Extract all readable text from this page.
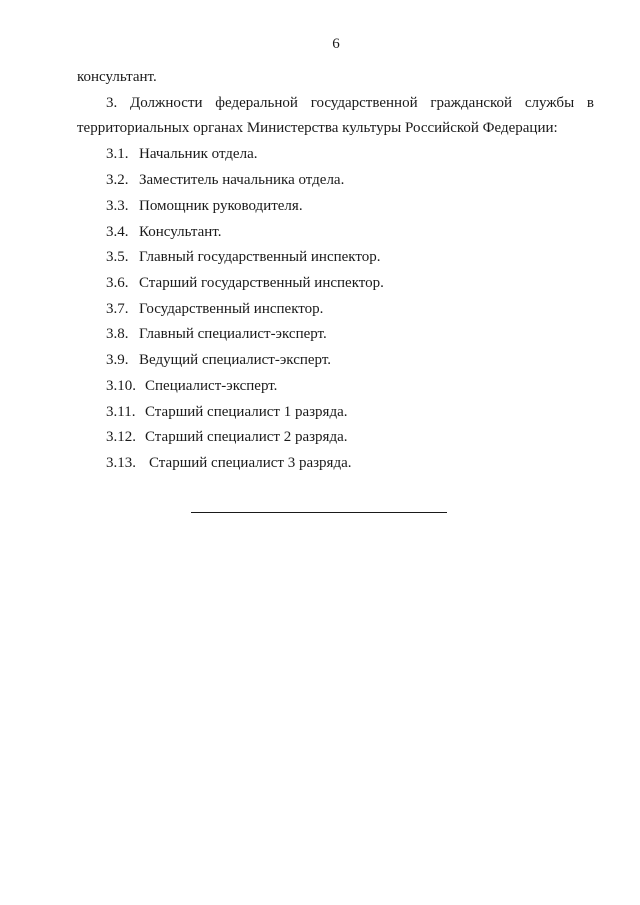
6
консультант.
3. Должности федеральной государственной гражданской службы в
территориальных органах Министерства культуры Российской Федерации:
3.1. Начальник отдела.
3.2. Заместитель начальника отдела.
3.3. Помощник руководителя.
3.4. Консультант.
3.5. Главный государственный инспектор.
3.6. Старший государственный инспектор.
3.7. Государственный инспектор.
3.8. Главный специалист-эксперт.
3.9. Ведущий специалист-эксперт.
3.10. Специалист-эксперт.
3.11. Старший специалист 1 разряда.
3.12. Старший специалист 2 разряда.
3.13. Старший специалист 3 разряда.
